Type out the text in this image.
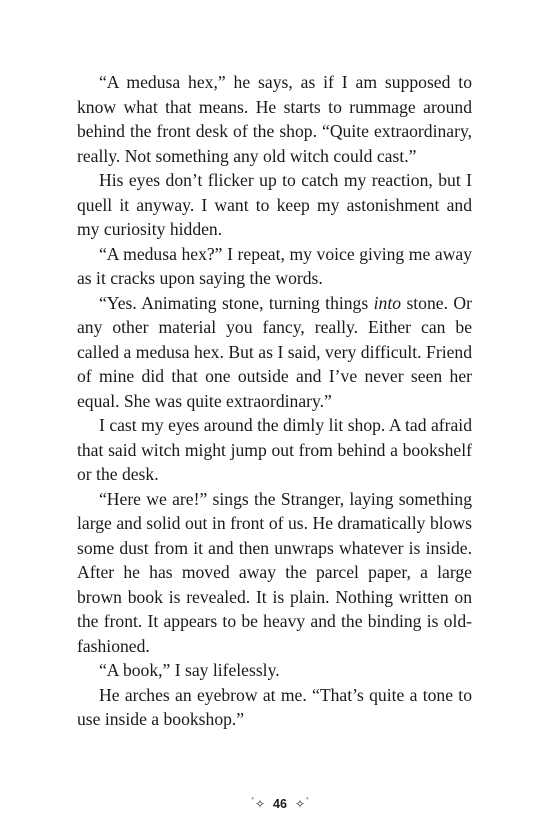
“A medusa hex,” he says, as if I am supposed to know what that means. He starts to rummage around behind the front desk of the shop. “Quite extraordinary, really. Not something any old witch could cast.”

His eyes don’t flicker up to catch my reaction, but I quell it anyway. I want to keep my astonishment and my curiosity hidden.

“A medusa hex?” I repeat, my voice giving me away as it cracks upon saying the words.

“Yes. Animating stone, turning things into stone. Or any other material you fancy, really. Either can be called a medusa hex. But as I said, very difficult. Friend of mine did that one outside and I’ve never seen her equal. She was quite extraordinary.”

I cast my eyes around the dimly lit shop. A tad afraid that said witch might jump out from behind a bookshelf or the desk.

“Here we are!” sings the Stranger, laying something large and solid out in front of us. He dramatically blows some dust from it and then unwraps whatever is inside. After he has moved away the parcel paper, a large brown book is revealed. It is plain. Nothing written on the front. It appears to be heavy and the binding is old-fashioned.

“A book,” I say lifelessly.

He arches an eyebrow at me. “That’s quite a tone to use inside a bookshop.”

⁺✧ 46 ✧⁺
